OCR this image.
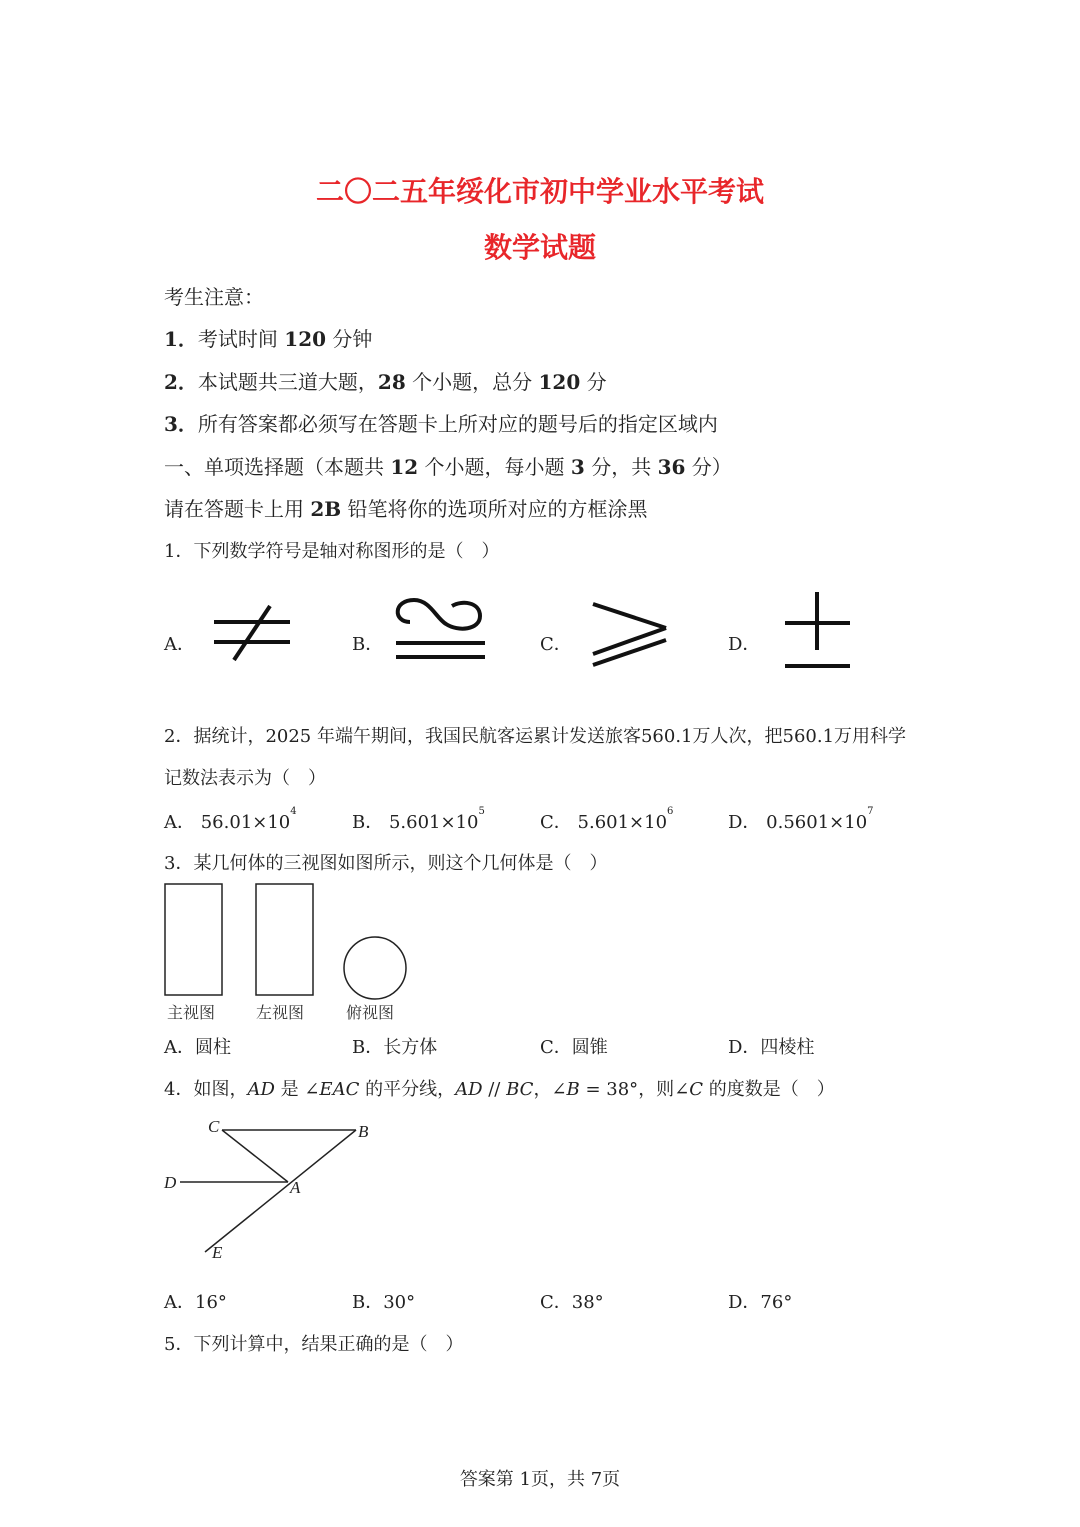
二〇二五年绥化市初中学业水平考试
数学试题
考生注意：
1．考试时间 120 分钟
2．本试题共三道大题，28 个小题，总分 120 分
3．所有答案都必须写在答题卡上所对应的题号后的指定区域内
一、单项选择题（本题共 12 个小题，每小题 3 分，共 36 分）
请在答题卡上用 2B 铅笔将你的选项所对应的方框涂黑
1．下列数学符号是轴对称图形的是（　）
A．	B．	C．	D．
2．据统计，2025 年端午期间，我国民航客运累计发送旅客560.1万人次，把560.1万用科学
记数法表示为（　）
A． $56.01\times 10^4$
B． $5.601\times 10^5$
C． $5.601\times 10^6$
D． $0.5601\times 10^7$
3．某几何体的三视图如图所示，则这个几何体是（　）
主视图	左视图	俯视图
A．圆柱	B．长方体	C．圆锥	D．四棱柱
4．如图，AD 是 ∠EAC 的平分线，AD // BC，∠B = 38°，则∠C 的度数是（　）
C	B
D	A
E
A．16°	B．30°	C．38°	D．76°
5．下列计算中，结果正确的是（　）
答案第 1页，共 7页
